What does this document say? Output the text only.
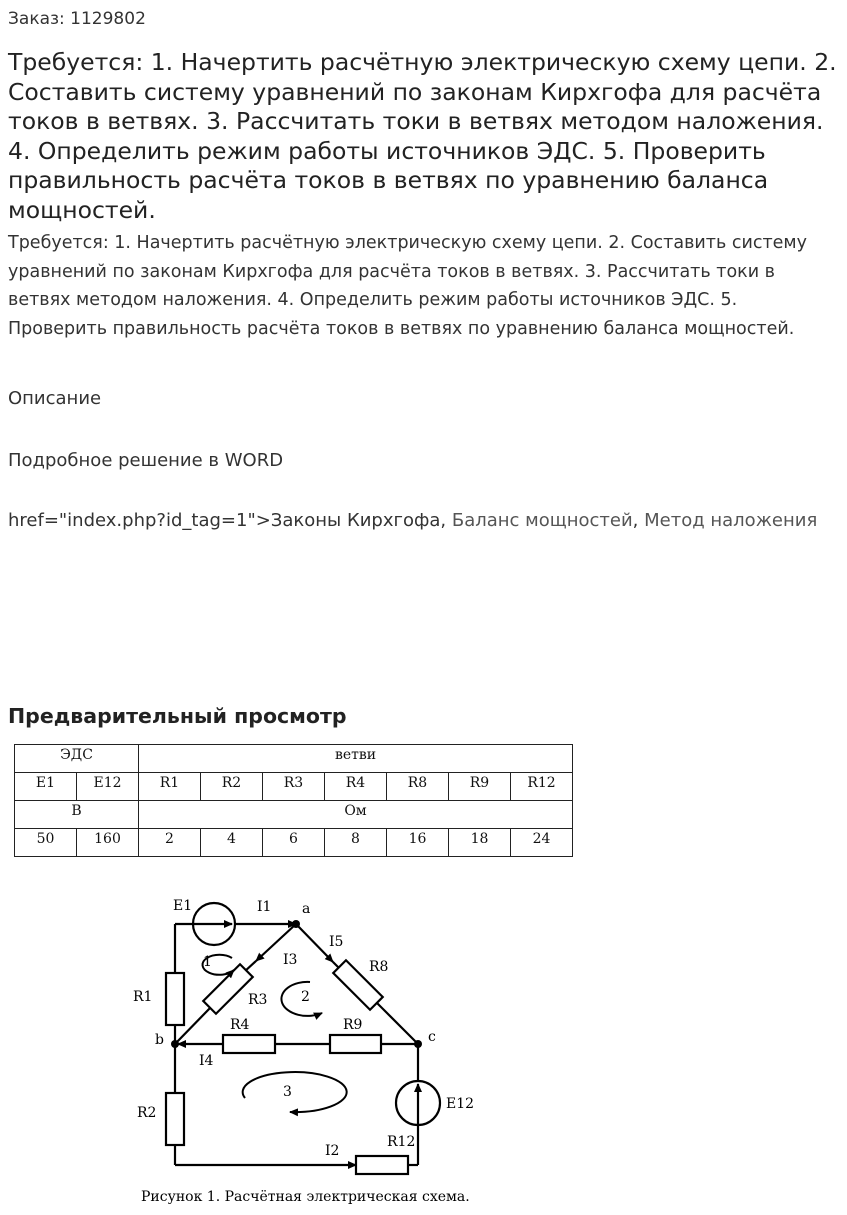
Заказ: 1129802
Требуется: 1. Начертить расчётную электрическую схему цепи. 2. Составить систему уравнений по законам Кирхгофа для расчёта токов в ветвях. 3. Рассчитать токи в ветвях методом наложения. 4. Определить режим работы источников ЭДС. 5. Проверить правильность расчёта токов в ветвях по уравнению баланса мощностей.

Требуется: 1. Начертить расчётную электрическую схему цепи. 2. Составить систему уравнений по законам Кирхгофа для расчёта токов в ветвях. 3. Рассчитать токи в ветвях методом наложения. 4. Определить режим работы источников ЭДС. 5. Проверить правильность расчёта токов в ветвях по уравнению баланса мощностей.

Описание
Подробное решение в WORD
href="index.php?id_tag=1">Законы Кирхгофа, Баланс мощностей, Метод наложения
Предварительный просмотр
ЭДС		ветви						
E1	E12	R1	R2	R3	R4	R8	R9	R12
В		Ом						
50	160	2	4	6	8	16	18	24
E1	I1 a
I5
R8
1	I3
R1	R3 2
R4	R9
b	c
I4
R2
3
E12
R12
I2
Рисунок 1. Расчётная электрическая схема.
